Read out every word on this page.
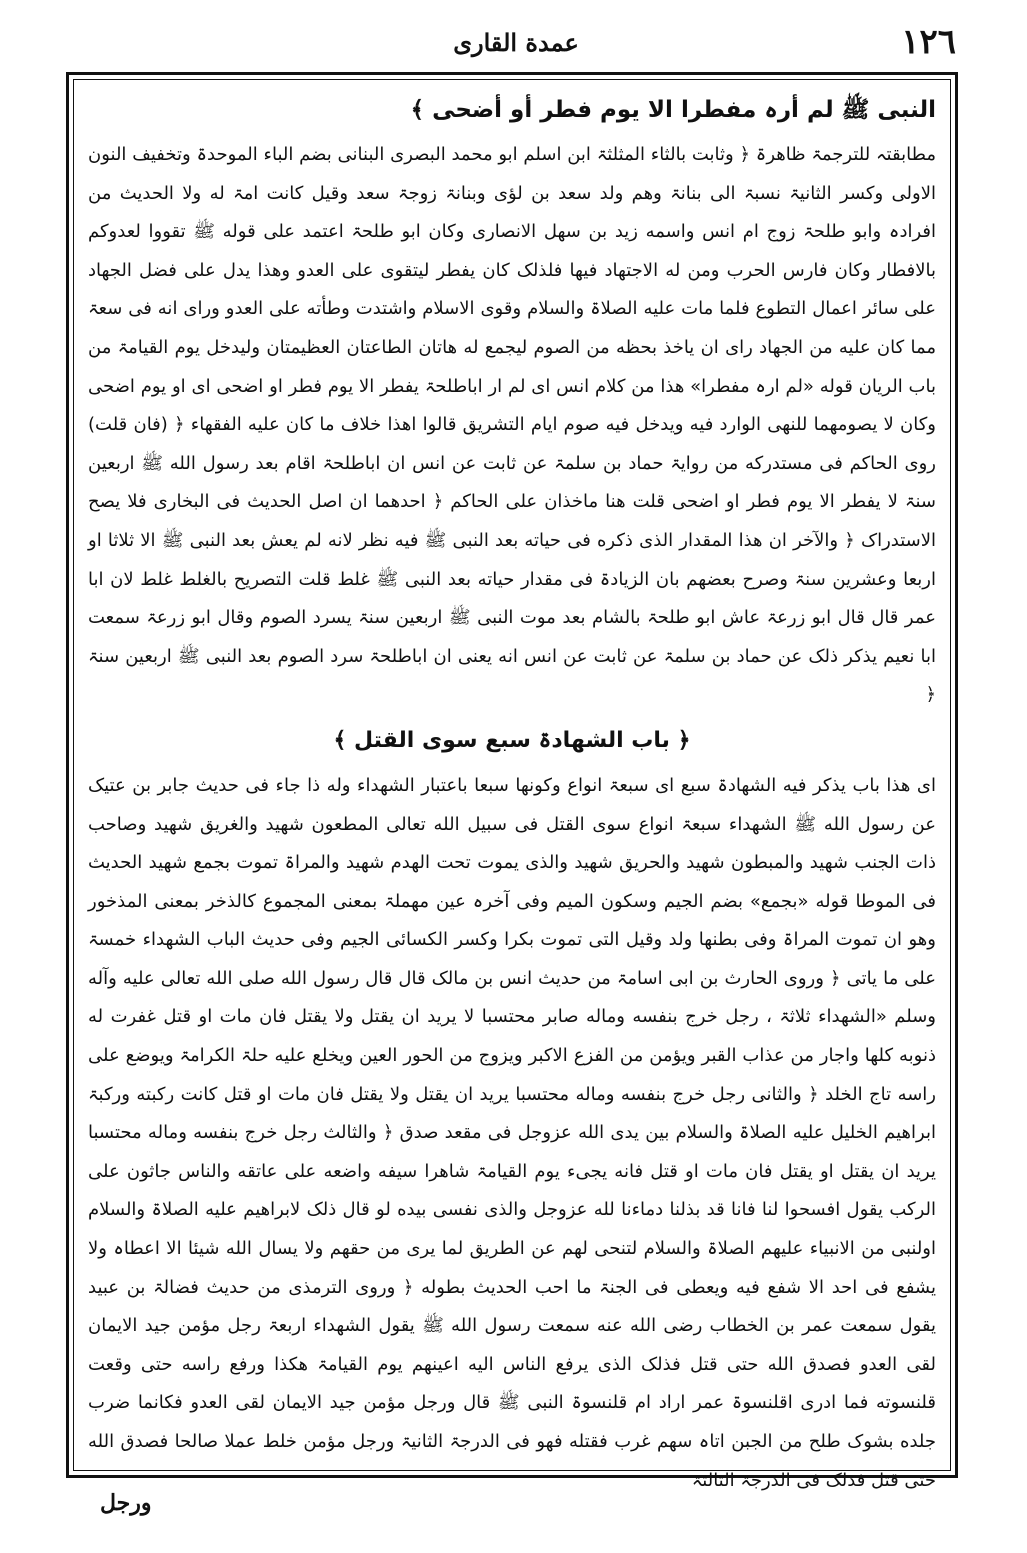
١٢٦
عمدة القاری
النبی ﷺ لم أرہ مفطرا الا یوم فطر أو أضحی ﴾

مطابقتہ للترجمۃ ظاهرۃ ﴿ وثابت بالثاء المثلثۃ ابن اسلم ابو محمد البصری البنانی بضم الباء الموحدۃ وتخفیف النون الاولی وکسر الثانیۃ نسبۃ الی بنانۃ وهم ولد سعد بن لؤی وبنانۃ زوجۃ سعد وقیل کانت امۃ له ولا الحدیث من افرادہ وابو طلحۃ زوج ام انس واسمه زید بن سهل الانصاری وکان ابو طلحۃ اعتمد علی قوله ﷺ تقووا لعدوکم بالافطار وکان فارس الحرب ومن له الاجتهاد فیها فلذلک کان یفطر لیتقوی علی العدو وهذا یدل علی فضل الجهاد علی سائر اعمال التطوع فلما مات علیه الصلاۃ والسلام وقوی الاسلام واشتدت وطأته علی العدو ورای انه فی سعۃ مما کان علیه من الجهاد رای ان یاخذ بحظه من الصوم لیجمع له هاتان الطاعتان العظیمتان ولیدخل یوم القیامۃ من باب الریان قوله «لم ارہ مفطرا» هذا من کلام انس ای لم ار اباطلحۃ یفطر الا یوم فطر او اضحی ای او یوم اضحی وکان لا یصومهما للنهی الوارد فیه ویدخل فیه صوم ایام التشریق قالوا اهذا خلاف ما کان علیه الفقهاء ﴿ (فان قلت) روی الحاکم فی مستدرکه من روایۃ حماد بن سلمۃ عن ثابت عن انس ان اباطلحۃ اقام بعد رسول الله ﷺ اربعین سنۃ لا یفطر الا یوم فطر او اضحی قلت هنا ماخذان علی الحاکم ﴿ احدهما ان اصل الحدیث فی البخاری فلا یصح الاستدراک ﴿ والآخر ان هذا المقدار الذی ذکره فی حیاته بعد النبی ﷺ فیه نظر لانه لم یعش بعد النبی ﷺ الا ثلاثا او اربعا وعشرین سنۃ وصرح بعضهم بان الزیادۃ فی مقدار حیاته بعد النبی ﷺ غلط قلت التصریح بالغلط غلط لان ابا عمر قال قال ابو زرعۃ عاش ابو طلحۃ بالشام بعد موت النبی ﷺ اربعین سنۃ یسرد الصوم وقال ابو زرعۃ سمعت ابا نعیم یذکر ذلک عن حماد بن سلمۃ عن ثابت عن انس انه یعنی ان اباطلحۃ سرد الصوم بعد النبی ﷺ اربعین سنۃ ﴿

﴿ باب الشهادۃ سبع سوی القتل ﴾

ای هذا باب یذکر فیه الشهادۃ سبع ای سبعۃ انواع وکونها سبعا باعتبار الشهداء وله ذا جاء فی حدیث جابر بن عتیک عن رسول الله ﷺ الشهداء سبعۃ انواع سوی القتل فی سبیل الله تعالی المطعون شهید والغریق شهید وصاحب ذات الجنب شهید والمبطون شهید والحریق شهید والذی یموت تحت الهدم شهید والمراۃ تموت بجمع شهید الحدیث فی الموطا قوله «بجمع» بضم الجیم وسکون المیم وفی آخرہ عین مهملۃ بمعنی المجموع کالذخر بمعنی المذخور وهو ان تموت المراۃ وفی بطنها ولد وقیل التی تموت بکرا وکسر الکسائی الجیم وفی حدیث الباب الشهداء خمسۃ علی ما یاتی ﴿ وروی الحارث بن ابی اسامۃ من حدیث انس بن مالک قال قال رسول الله صلی الله تعالی علیه وآله وسلم «الشهداء ثلاثۃ ، رجل خرج بنفسه وماله صابر محتسبا لا یرید ان یقتل ولا یقتل فان مات او قتل غفرت له ذنوبه کلها واجار من عذاب القبر ویؤمن من الفزع الاکبر ویزوج من الحور العین ویخلع علیه حلۃ الکرامۃ ویوضع علی راسه تاج الخلد ﴿ والثانی رجل خرج بنفسه وماله محتسبا یرید ان یقتل ولا یقتل فان مات او قتل کانت رکبته ورکبۃ ابراهیم الخلیل علیه الصلاۃ والسلام بین یدی الله عزوجل فی مقعد صدق ﴿ والثالث رجل خرج بنفسه وماله محتسبا یرید ان یقتل او یقتل فان مات او قتل فانه یجیء یوم القیامۃ شاهرا سیفه واضعه علی عاتقه والناس جاثون علی الرکب یقول افسحوا لنا فانا قد بذلنا دماءنا لله عزوجل والذی نفسی بیده لو قال ذلک لابراهیم علیه الصلاۃ والسلام اولنبی من الانبیاء علیهم الصلاۃ والسلام لتنحی لهم عن الطریق لما یری من حقهم ولا یسال الله شیئا الا اعطاہ ولا یشفع فی احد الا شفع فیه ویعطی فی الجنۃ ما احب الحدیث بطوله ﴿ وروی الترمذی من حدیث فضالۃ بن عبید یقول سمعت عمر بن الخطاب رضی الله عنه سمعت رسول الله ﷺ یقول الشهداء اربعۃ رجل مؤمن جید الایمان لقی العدو فصدق الله حتی قتل فذلک الذی یرفع الناس الیه اعینهم یوم القیامۃ هکذا ورفع راسه حتی وقعت قلنسوته فما ادری اقلنسوۃ عمر اراد ام قلنسوۃ النبی ﷺ قال ورجل مؤمن جید الایمان لقی العدو فکانما ضرب جلده بشوک طلح من الجبن اتاہ سهم غرب فقتله فهو فی الدرجۃ الثانیۃ ورجل مؤمن خلط عملا صالحا فصدق الله حتی قتل فذلک فی الدرجۃ الثالثۃ

ورجل
